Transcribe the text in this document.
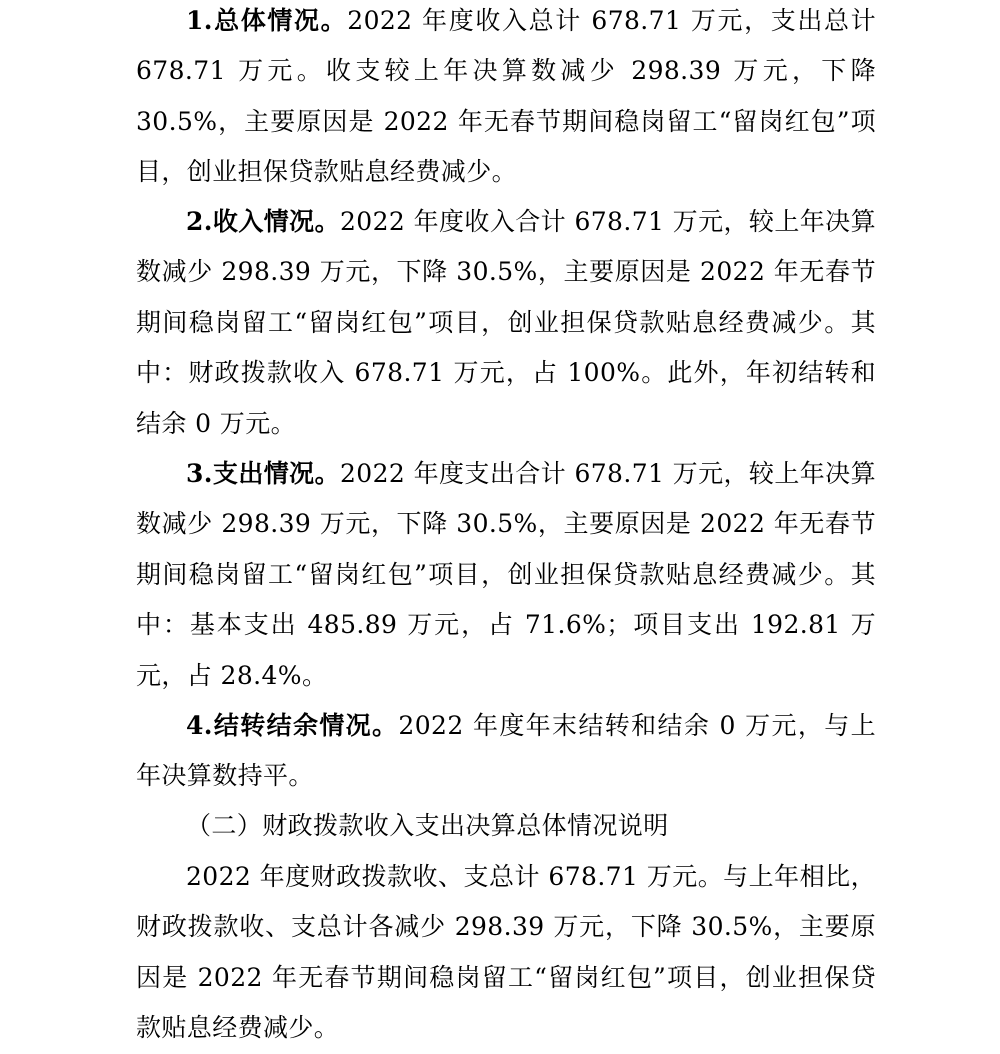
1.总体情况。2022 年度收入总计 678.71 万元，支出总计 678.71 万元。收支较上年决算数减少 298.39 万元，下降 30.5%，主要原因是 2022 年无春节期间稳岗留工“留岗红包”项目，创业担保贷款贴息经费减少。

2.收入情况。2022 年度收入合计 678.71 万元，较上年决算数减少 298.39 万元，下降 30.5%，主要原因是 2022 年无春节期间稳岗留工“留岗红包”项目，创业担保贷款贴息经费减少。其中：财政拨款收入 678.71 万元，占 100%。此外，年初结转和结余 0 万元。

3.支出情况。2022 年度支出合计 678.71 万元，较上年决算数减少 298.39 万元，下降 30.5%，主要原因是 2022 年无春节期间稳岗留工“留岗红包”项目，创业担保贷款贴息经费减少。其中：基本支出 485.89 万元，占 71.6%；项目支出 192.81 万元，占 28.4%。

4.结转结余情况。2022 年度年末结转和结余 0 万元，与上年决算数持平。

（二）财政拨款收入支出决算总体情况说明

2022 年度财政拨款收、支总计 678.71 万元。与上年相比，财政拨款收、支总计各减少 298.39 万元，下降 30.5%，主要原因是 2022 年无春节期间稳岗留工“留岗红包”项目，创业担保贷款贴息经费减少。
